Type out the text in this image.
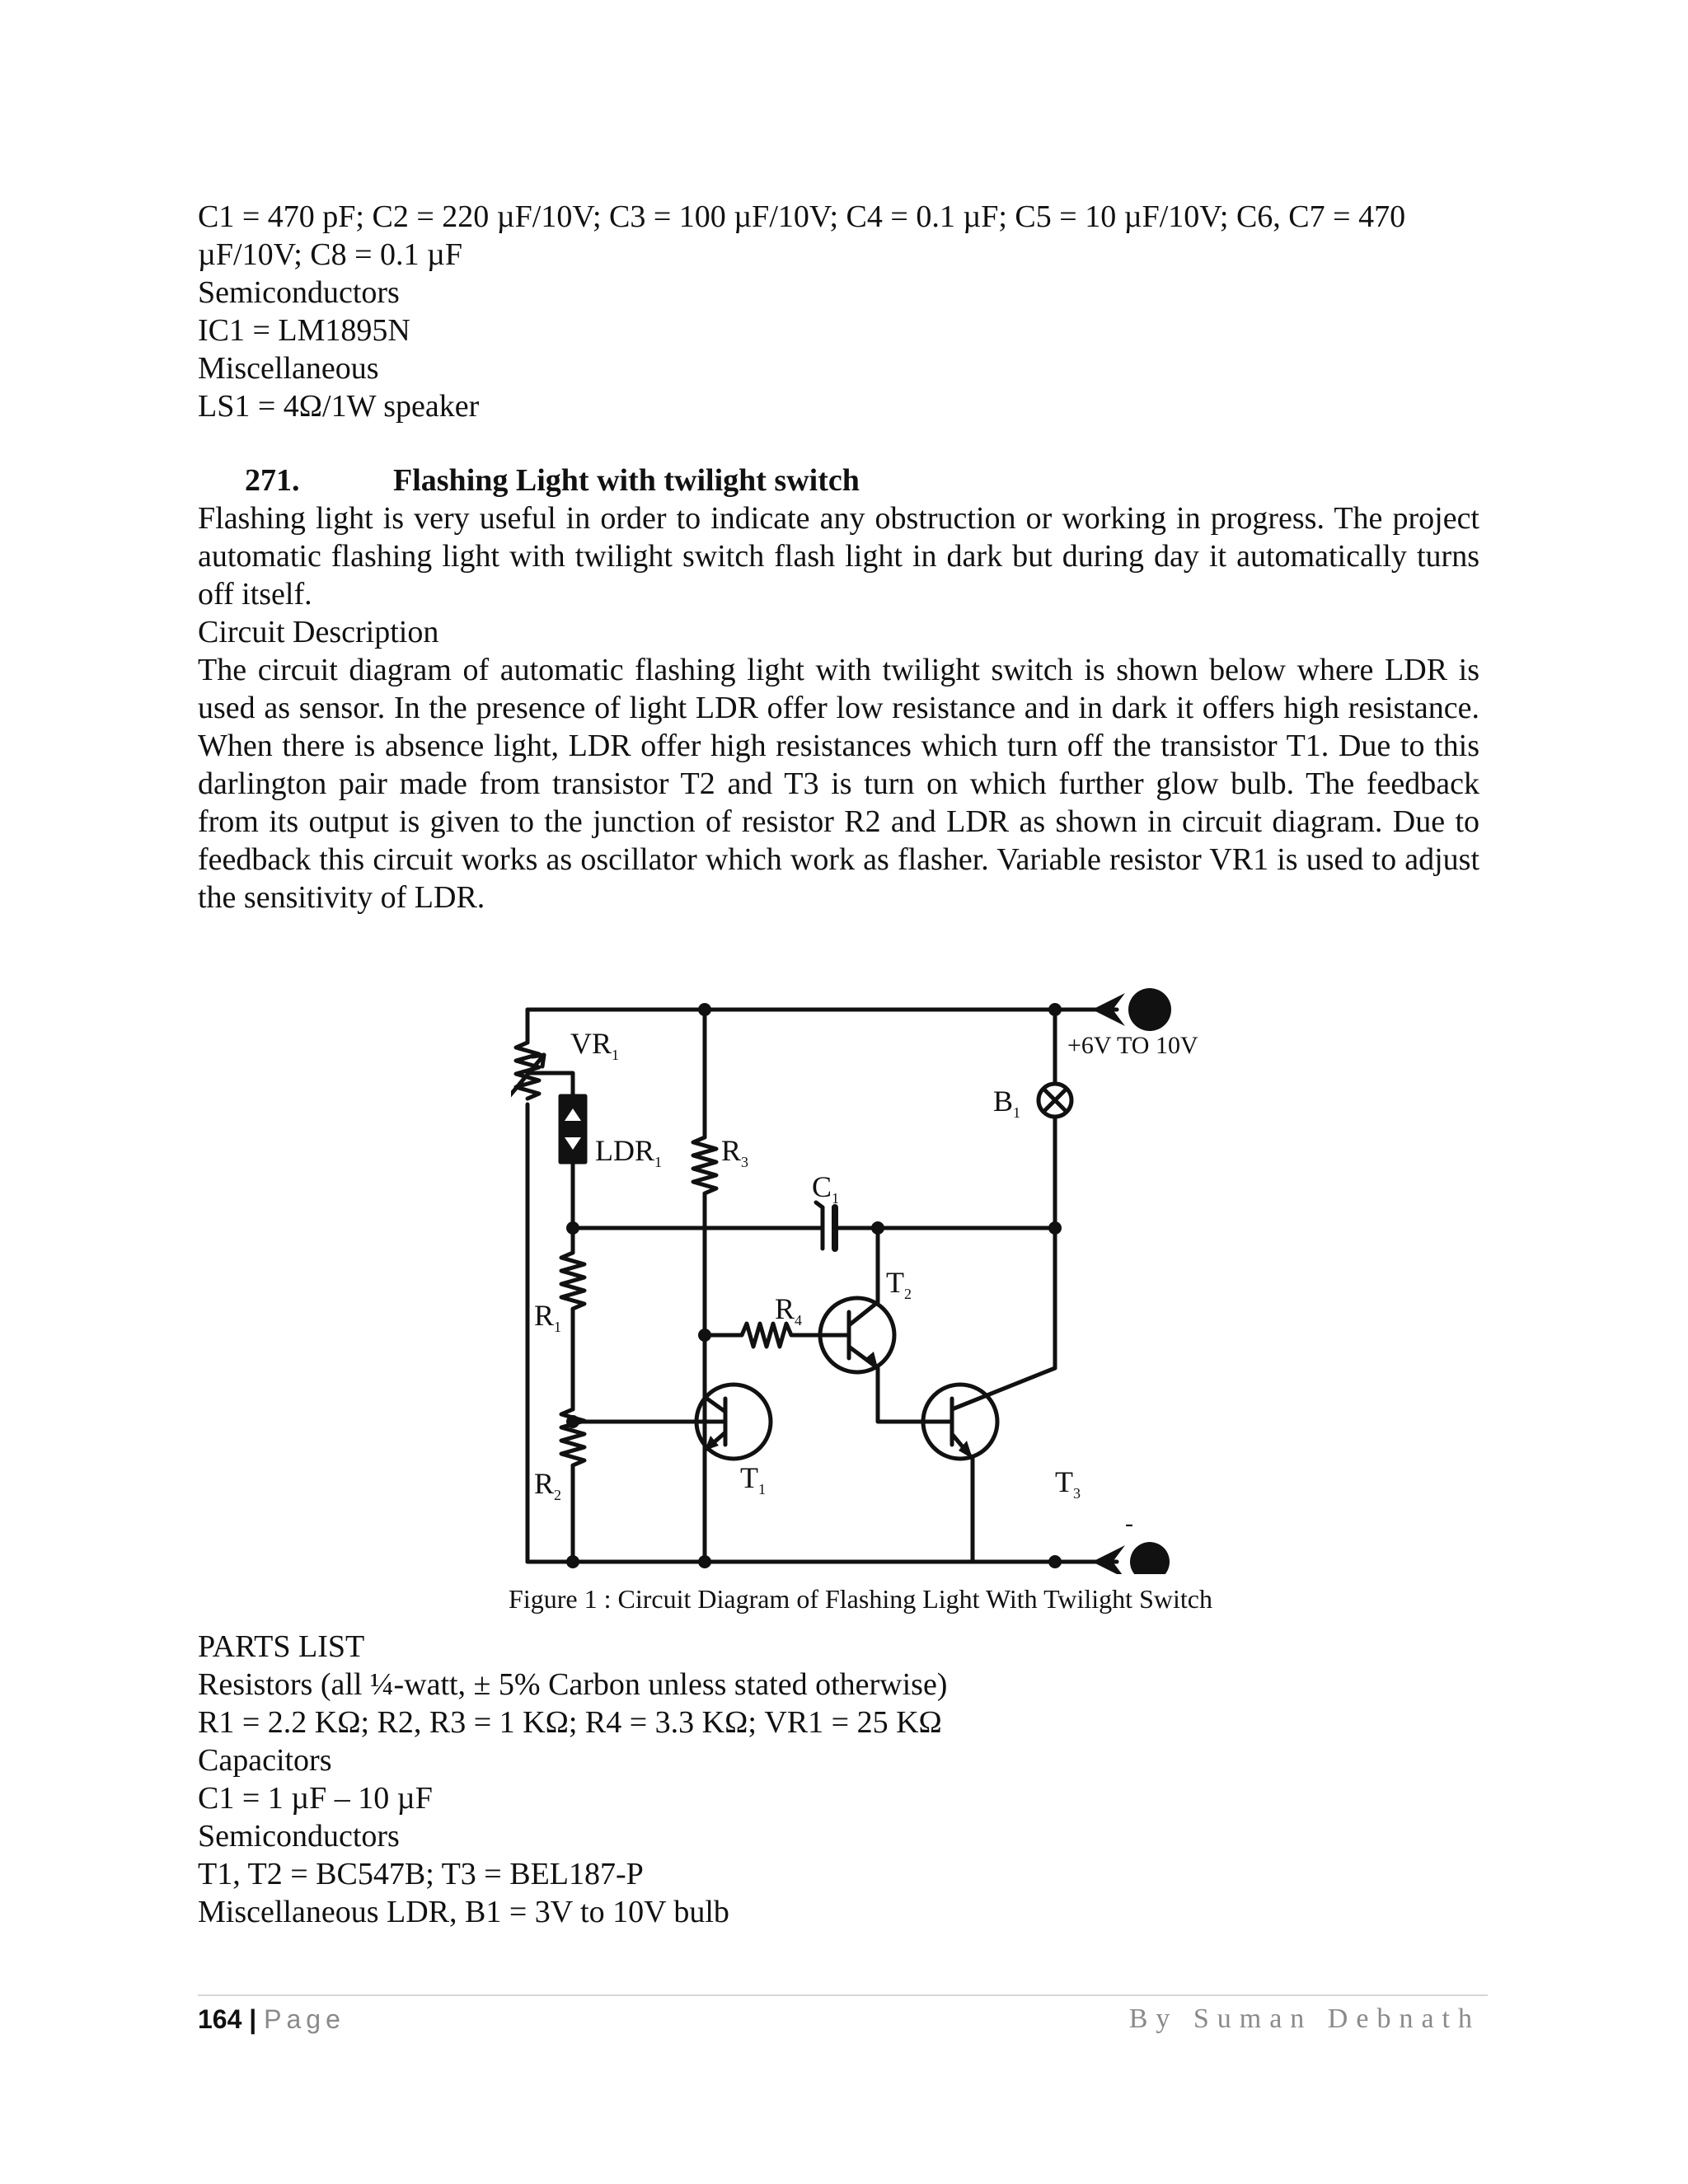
C1 = 470 pF; C2 = 220 µF/10V; C3 = 100 µF/10V; C4 = 0.1 µF; C5 = 10 µF/10V; C6, C7 = 470
µF/10V; C8 = 0.1 µF
Semiconductors
IC1 = LM1895N
Miscellaneous
LS1 = 4Ω/1W speaker
271.	Flashing Light with twilight switch

Flashing light is very useful in order to indicate any obstruction or working in progress. The project automatic flashing light with twilight switch flash light in dark but during day it automatically turns off itself.

Circuit Description

The circuit diagram of automatic flashing light with twilight switch is shown below where LDR is used as sensor. In the presence of light LDR offer low resistance and in dark it offers high resistance. When there is absence light, LDR offer high resistances which turn off the transistor T1. Due to this darlington pair made from transistor T2 and T3 is turn on which further glow bulb. The feedback from its output is given to the junction of resistor R2 and LDR as shown in circuit diagram. Due to feedback this circuit works as oscillator which work as flasher. Variable resistor VR1 is used to adjust the sensitivity of LDR.

$VR_1$
$LDR_1$ $R_3$
$C_1$
$B_1$
$R_4$
$T_2$
$R_1$
$T_1$
$R_2$	$T_3$
+6V TO 10V
-
Figure 1 : Circuit Diagram of Flashing Light With Twilight Switch
PARTS LIST
Resistors (all ¼-watt, ± 5% Carbon unless stated otherwise)
R1 = 2.2 KΩ; R2, R3 = 1 KΩ; R4 = 3.3 KΩ; VR1 = 25 KΩ
Capacitors
C1 = 1 µF – 10 µF
Semiconductors
T1, T2 = BC547B; T3 = BEL187-P
Miscellaneous LDR, B1 = 3V to 10V bulb
164 | Page	By Suman Debnath
